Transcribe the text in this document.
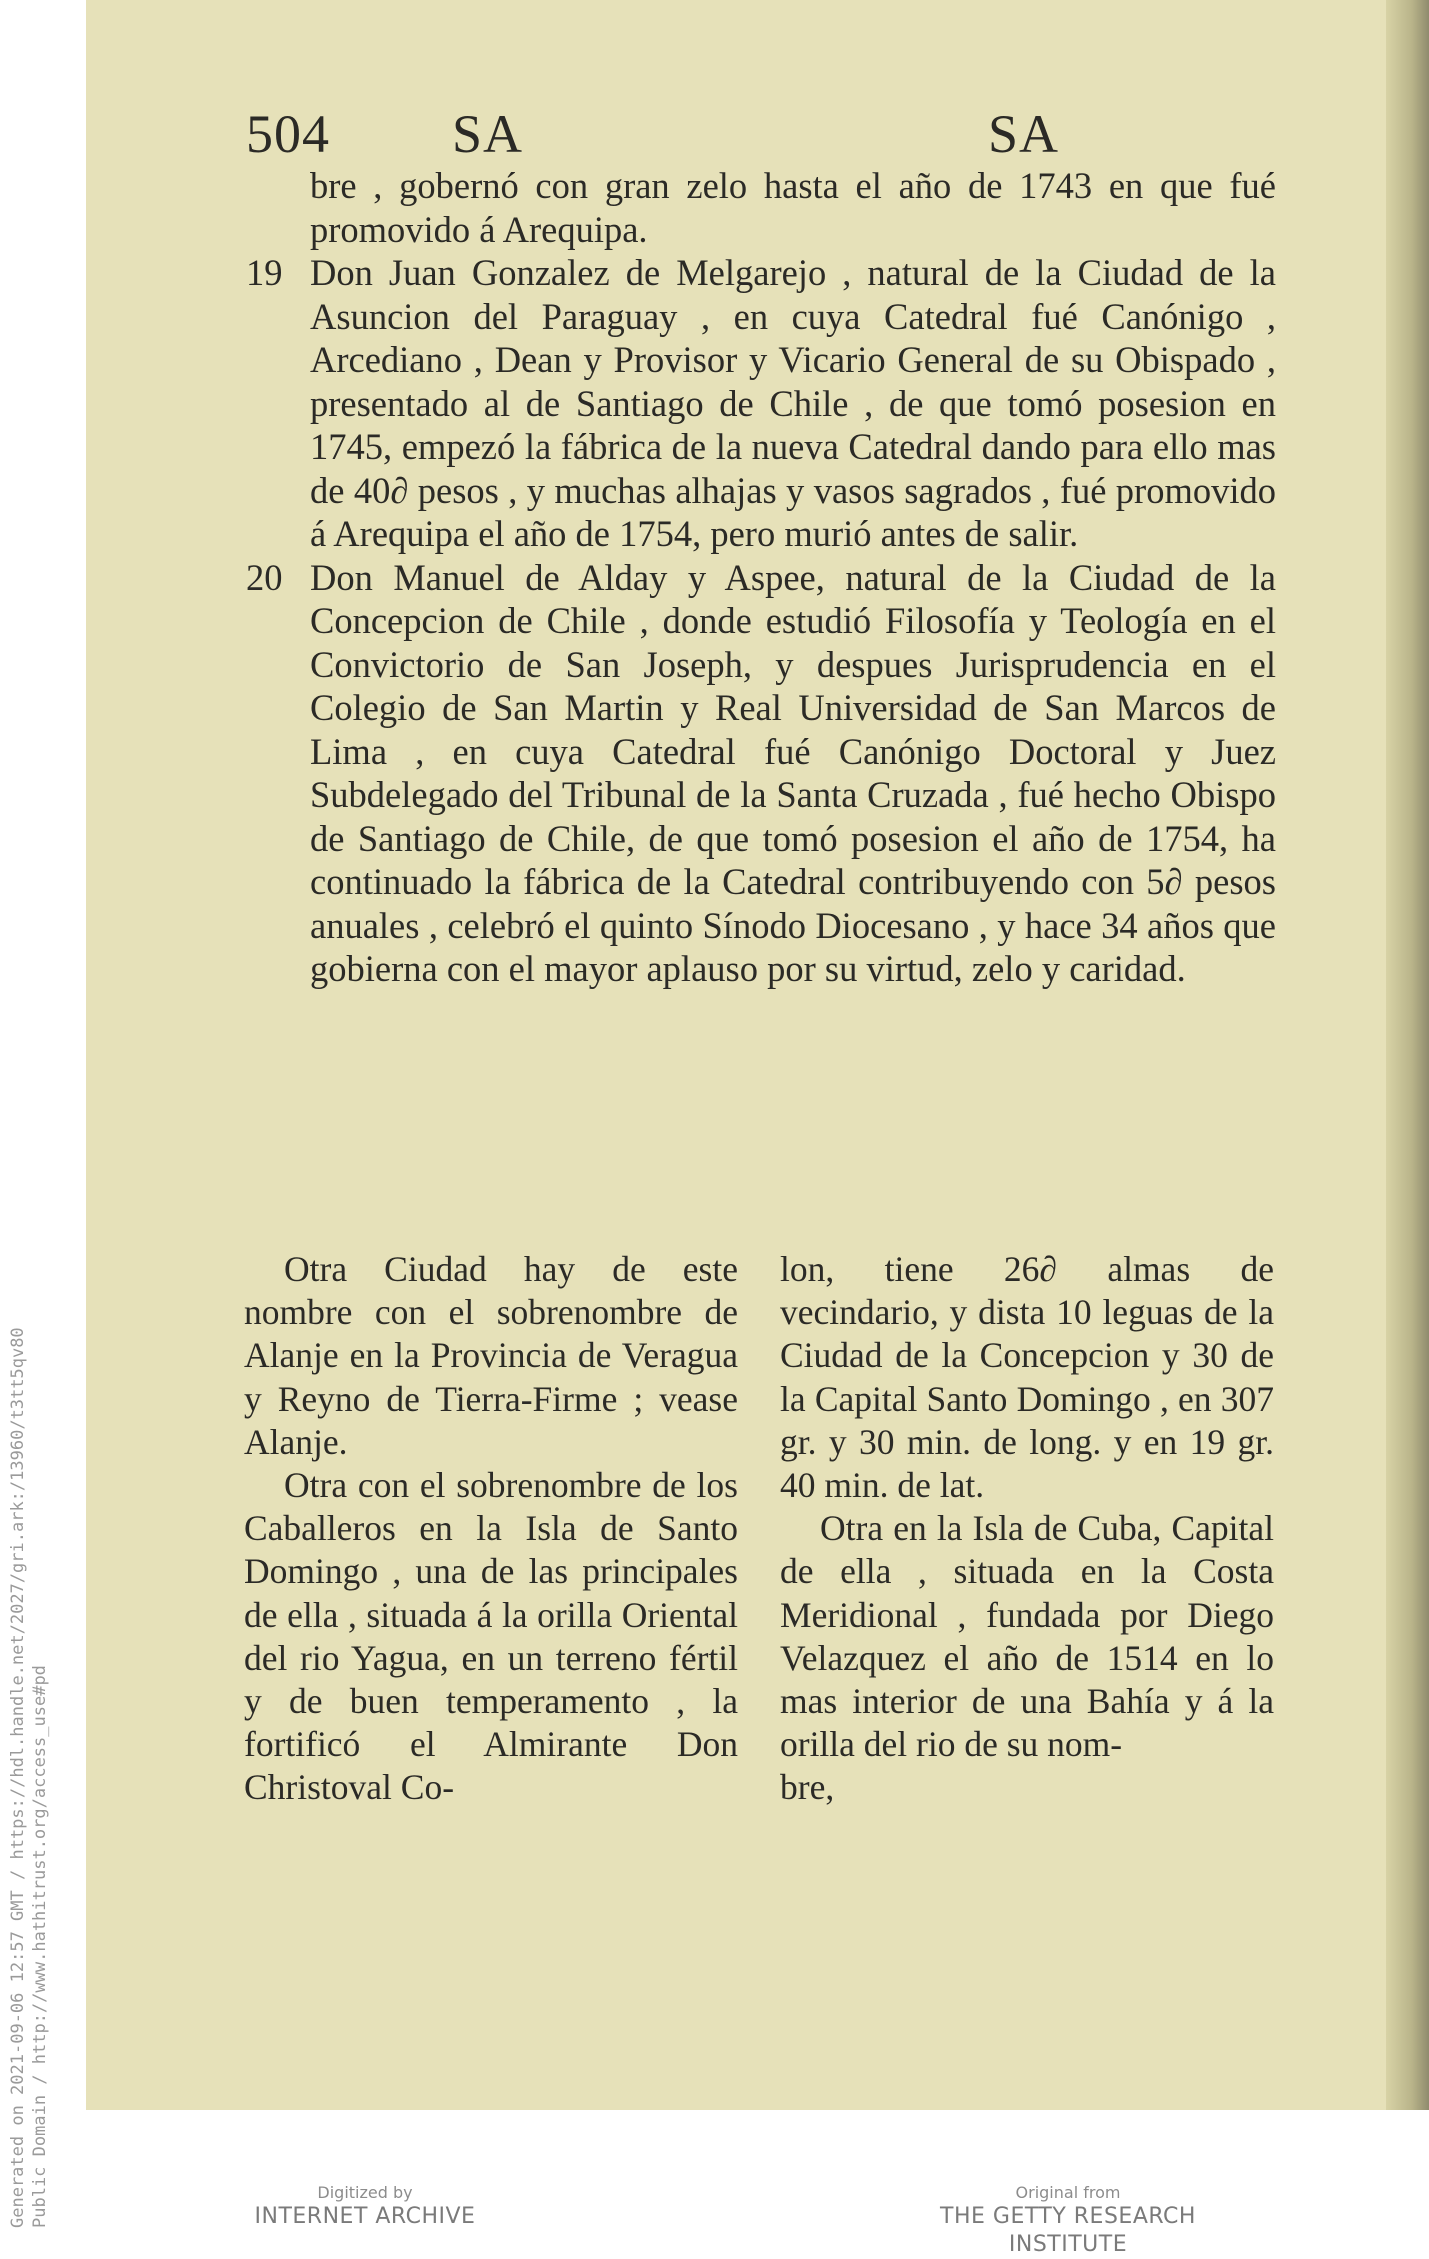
504 SA	SA

bre , gobernó con gran zelo hasta el año de 1743 en que fué promovido á Arequipa.

19 Don Juan Gonzalez de Melgarejo , natural de la Ciudad de la Asuncion del Paraguay , en cuya Catedral fué Canónigo , Arcediano , Dean y Provisor y Vicario General de su Obispado , presentado al de Santiago de Chile , de que tomó posesion en 1745, empezó la fábrica de la nueva Catedral dando para ello mas de 40∂ pesos , y muchas alhajas y vasos sagrados , fué promovido á Arequipa el año de 1754, pero murió antes de salir.

20 Don Manuel de Alday y Aspee, natural de la Ciudad de la Concepcion de Chile , donde estudió Filosofía y Teología en el Convictorio de San Joseph, y despues Jurisprudencia en el Colegio de San Martin y Real Universidad de San Marcos de Lima , en cuya Catedral fué Canónigo Doctoral y Juez Subdelegado del Tribunal de la Santa Cruzada , fué hecho Obispo de Santiago de Chile, de que tomó posesion el año de 1754, ha continuado la fábrica de la Catedral contribuyendo con 5∂ pesos anuales , celebró el quinto Sínodo Diocesano , y hace 34 años que gobierna con el mayor aplauso por su virtud, zelo y caridad.

Otra Ciudad hay de este nombre con el sobrenombre de Alanje en la Provincia de Veragua y Reyno de Tierra-Firme ; vease Alanje.

Otra con el sobrenombre de los Caballeros en la Isla de Santo Domingo , una de las principales de ella , situada á la orilla Oriental del rio Yagua, en un terreno fértil y de buen temperamento , la fortificó el Almirante Don Christoval Co-

lon, tiene 26∂ almas de vecindario, y dista 10 leguas de la Ciudad de la Concepcion y 30 de la Capital Santo Domingo , en 307 gr. y 30 min. de long. y en 19 gr. 40 min. de lat.

Otra en la Isla de Cuba, Capital de ella , situada en la Costa Meridional , fundada por Diego Velazquez el año de 1514 en lo mas interior de una Bahía y á la orilla del rio de su nom-

bre,

Generated on 2021-09-06 12:57 GMT / https://hdl.handle.net/2027/gri.ark:/13960/t3tt5qv80 Public Domain / http://www.hathitrust.org/access_use#pd	Digitized by
INTERNET ARCHIVE
Original from
THE GETTY RESEARCH INSTITUTE
